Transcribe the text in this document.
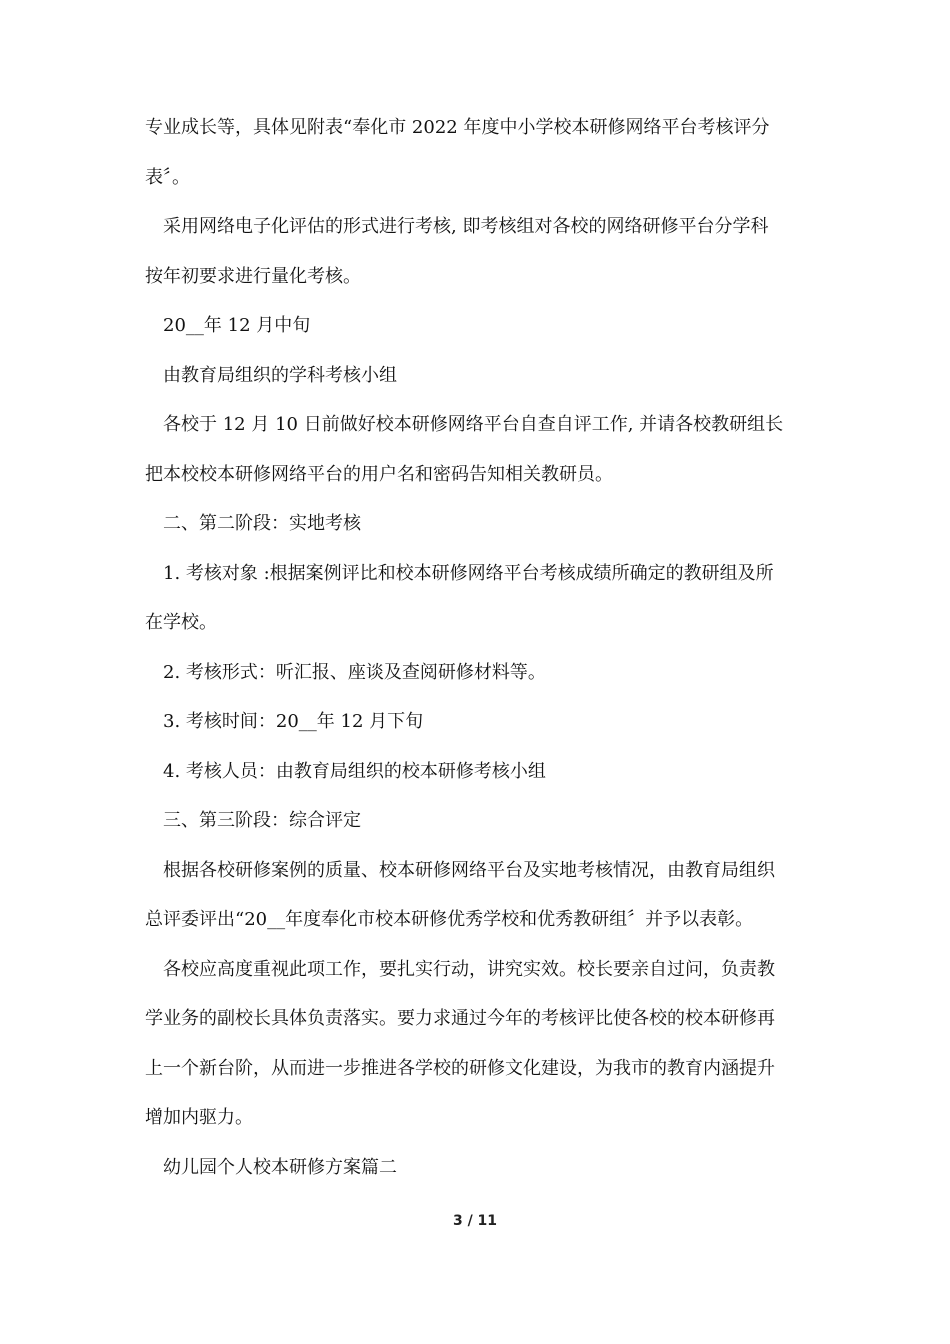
专业成长等，具体见附表“奉化市 2022 年度中小学校本研修网络平台考核评分
表〞。
采用网络电子化评估的形式进行考核, 即考核组对各校的网络研修平台分学科
按年初要求进行量化考核。
20__年 12 月中旬
由教育局组织的学科考核小组
各校于 12 月 10 日前做好校本研修网络平台自查自评工作, 并请各校教研组长
把本校校本研修网络平台的用户名和密码告知相关教研员。
二、第二阶段：实地考核
1. 考核对象 :根据案例评比和校本研修网络平台考核成绩所确定的教研组及所
在学校。
2. 考核形式：听汇报、座谈及查阅研修材料等。
3. 考核时间：20__年 12 月下旬
4. 考核人员：由教育局组织的校本研修考核小组
三、第三阶段：综合评定
根据各校研修案例的质量、校本研修网络平台及实地考核情况，由教育局组织
总评委评出“20__年度奉化市校本研修优秀学校和优秀教研组〞并予以表彰。
各校应高度重视此项工作，要扎实行动，讲究实效。校长要亲自过问，负责教
学业务的副校长具体负责落实。要力求通过今年的考核评比使各校的校本研修再
上一个新台阶，从而进一步推进各学校的研修文化建设，为我市的教育内涵提升
增加内驱力。
幼儿园个人校本研修方案篇二
3 / 11
